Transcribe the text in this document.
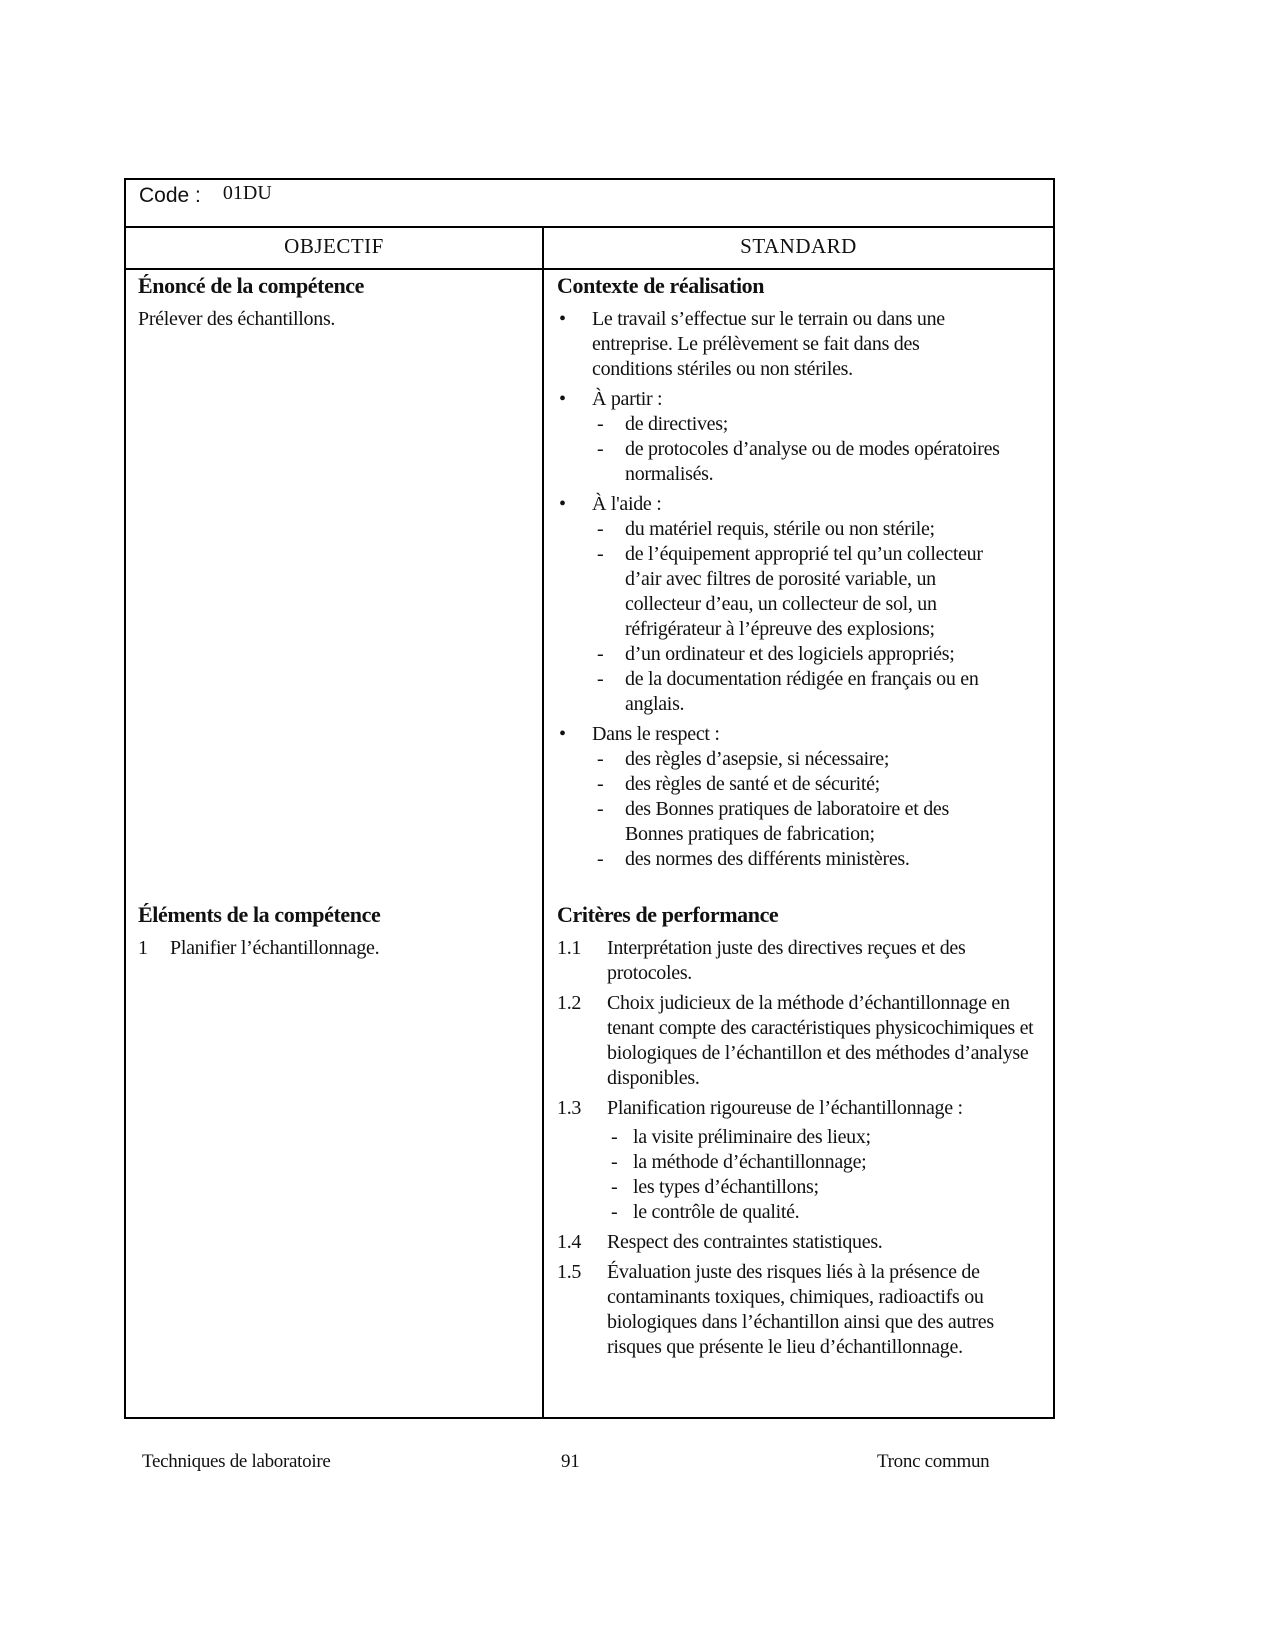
Code : 01DU
OBJECTIF	STANDARD
Énoncé de la compétence
Prélever des échantillons.
Contexte de réalisation
• Le travail s’effectue sur le terrain ou dans une entreprise. Le prélèvement se fait dans des conditions stériles ou non stériles.
• À partir :
- de directives;
- de protocoles d’analyse ou de modes opératoires normalisés.
• À l'aide :
- du matériel requis, stérile ou non stérile;
- de l’équipement approprié tel qu’un collecteur d’air avec filtres de porosité variable, un collecteur d’eau, un collecteur de sol, un réfrigérateur à l’épreuve des explosions;
- d’un ordinateur et des logiciels appropriés;
- de la documentation rédigée en français ou en anglais.
• Dans le respect :
- des règles d’asepsie, si nécessaire;
- des règles de santé et de sécurité;
- des Bonnes pratiques de laboratoire et des Bonnes pratiques de fabrication;
- des normes des différents ministères.
Éléments de la compétence
1 Planifier l’échantillonnage.
Critères de performance
1.1 Interprétation juste des directives reçues et des protocoles.
1.2 Choix judicieux de la méthode d’échantillonnage en tenant compte des caractéristiques physicochimiques et biologiques de l’échantillon et des méthodes d’analyse disponibles.
1.3 Planification rigoureuse de l’échantillonnage :
- la visite préliminaire des lieux;
- la méthode d’échantillonnage;
- les types d’échantillons;
- le contrôle de qualité.
1.4 Respect des contraintes statistiques.
1.5 Évaluation juste des risques liés à la présence de contaminants toxiques, chimiques, radioactifs ou biologiques dans l’échantillon ainsi que des autres risques que présente le lieu d’échantillonnage.
Techniques de laboratoire	91	Tronc commun
